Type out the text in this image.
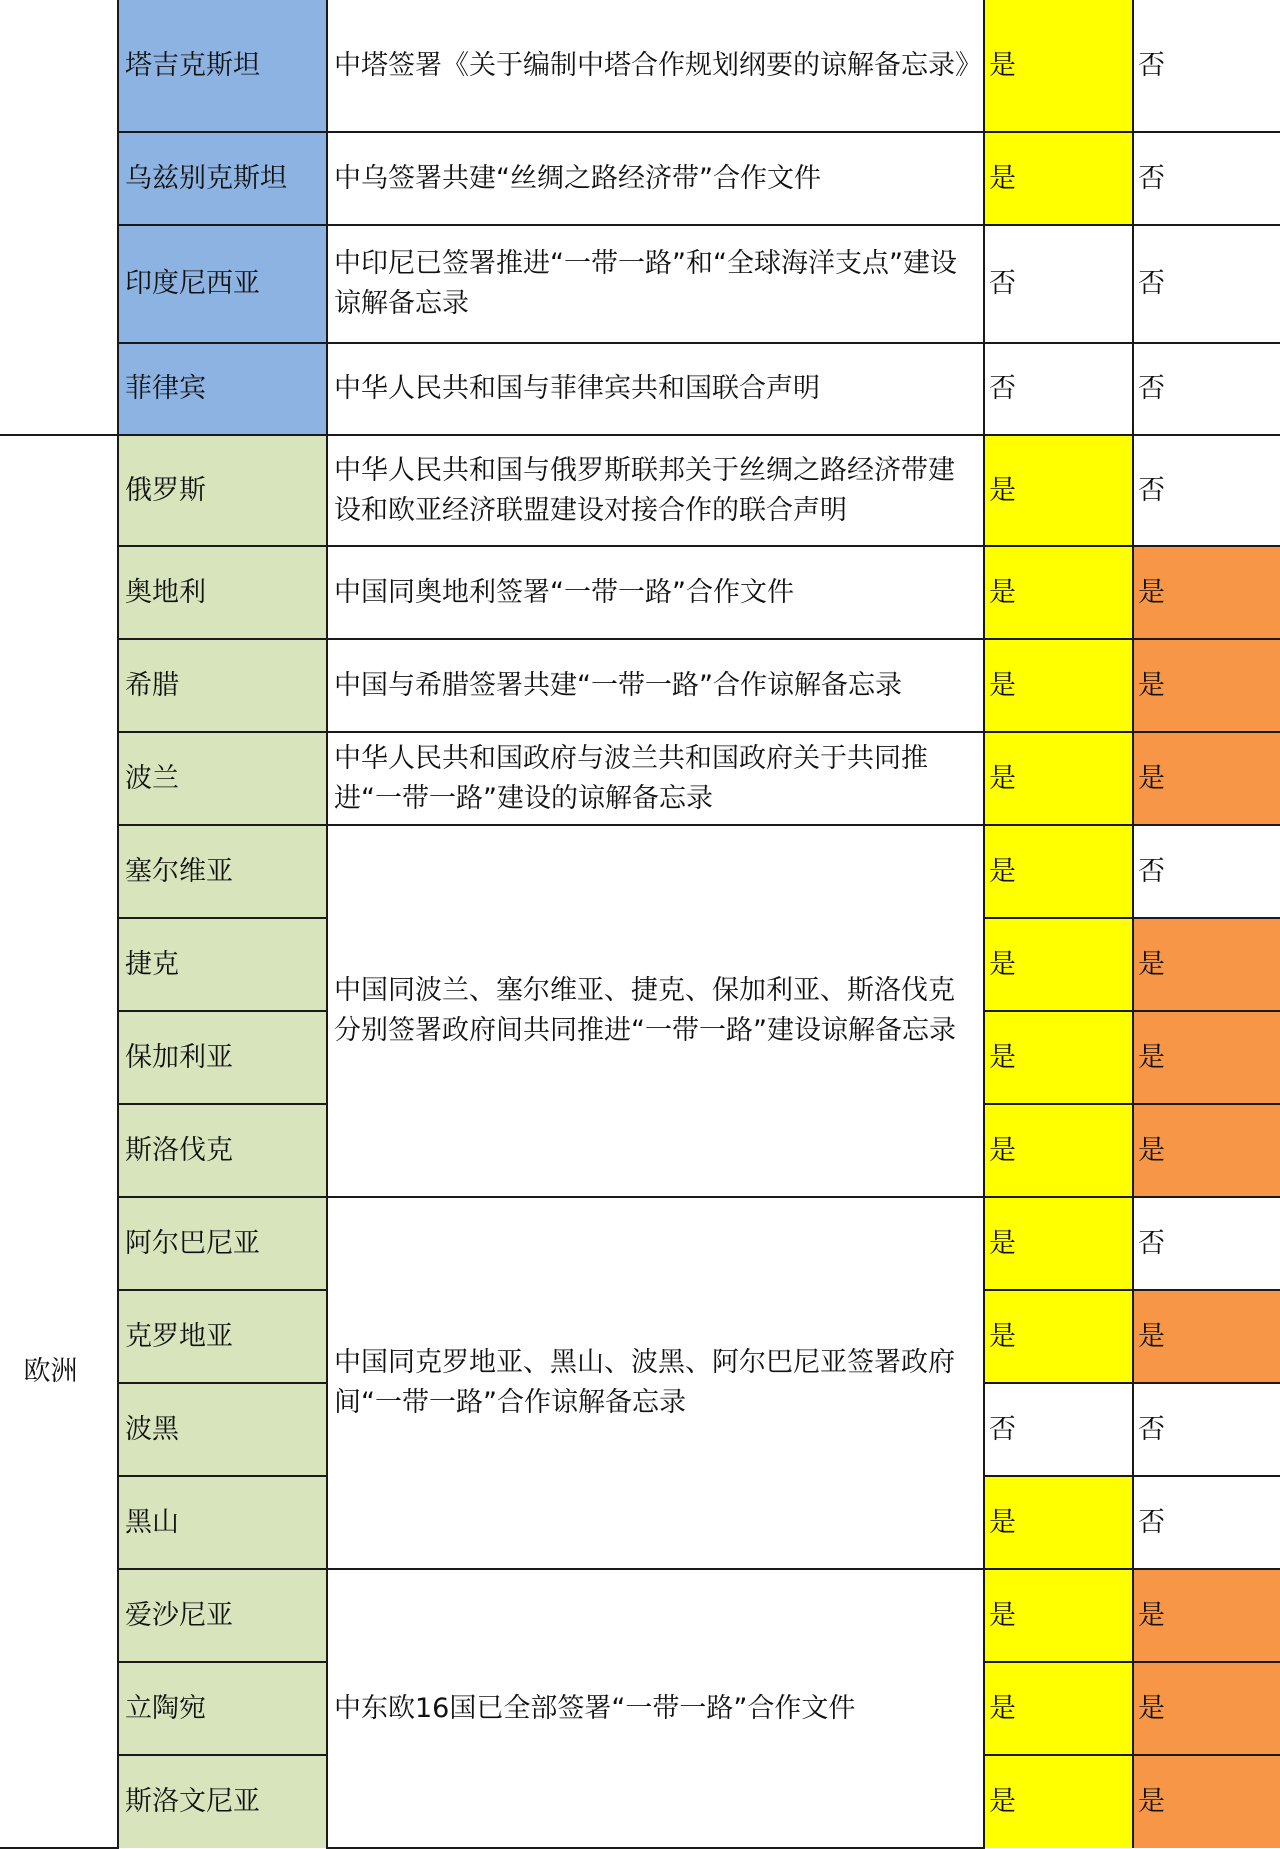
	塔吉克斯坦	中塔签署《关于编制中塔合作规划纲要的谅解备忘录》	是	否
	乌兹别克斯坦	中乌签署共建“丝绸之路经济带”合作文件	是	否
	印度尼西亚	中印尼已签署推进“一带一路”和“全球海洋支点”建设谅解备忘录	否	否
	菲律宾	中华人民共和国与菲律宾共和国联合声明	否	否
欧洲	俄罗斯	中华人民共和国与俄罗斯联邦关于丝绸之路经济带建设和欧亚经济联盟建设对接合作的联合声明	是	否
	奥地利	中国同奥地利签署“一带一路”合作文件	是	是
	希腊	中国与希腊签署共建“一带一路”合作谅解备忘录	是	是
	波兰	中华人民共和国政府与波兰共和国政府关于共同推进“一带一路”建设的谅解备忘录	是	是
	塞尔维亚	中国同波兰、塞尔维亚、捷克、保加利亚、斯洛伐克分别签署政府间共同推进“一带一路”建设谅解备忘录	是	否
	捷克		是	是
	保加利亚		是	是
	斯洛伐克		是	是
	阿尔巴尼亚	中国同克罗地亚、黑山、波黑、阿尔巴尼亚签署政府间“一带一路”合作谅解备忘录	是	否
	克罗地亚		是	是
	波黑		否	否
	黑山		是	否
	爱沙尼亚	中东欧16国已全部签署“一带一路”合作文件	是	是
	立陶宛		是	是
	斯洛文尼亚		是	是
